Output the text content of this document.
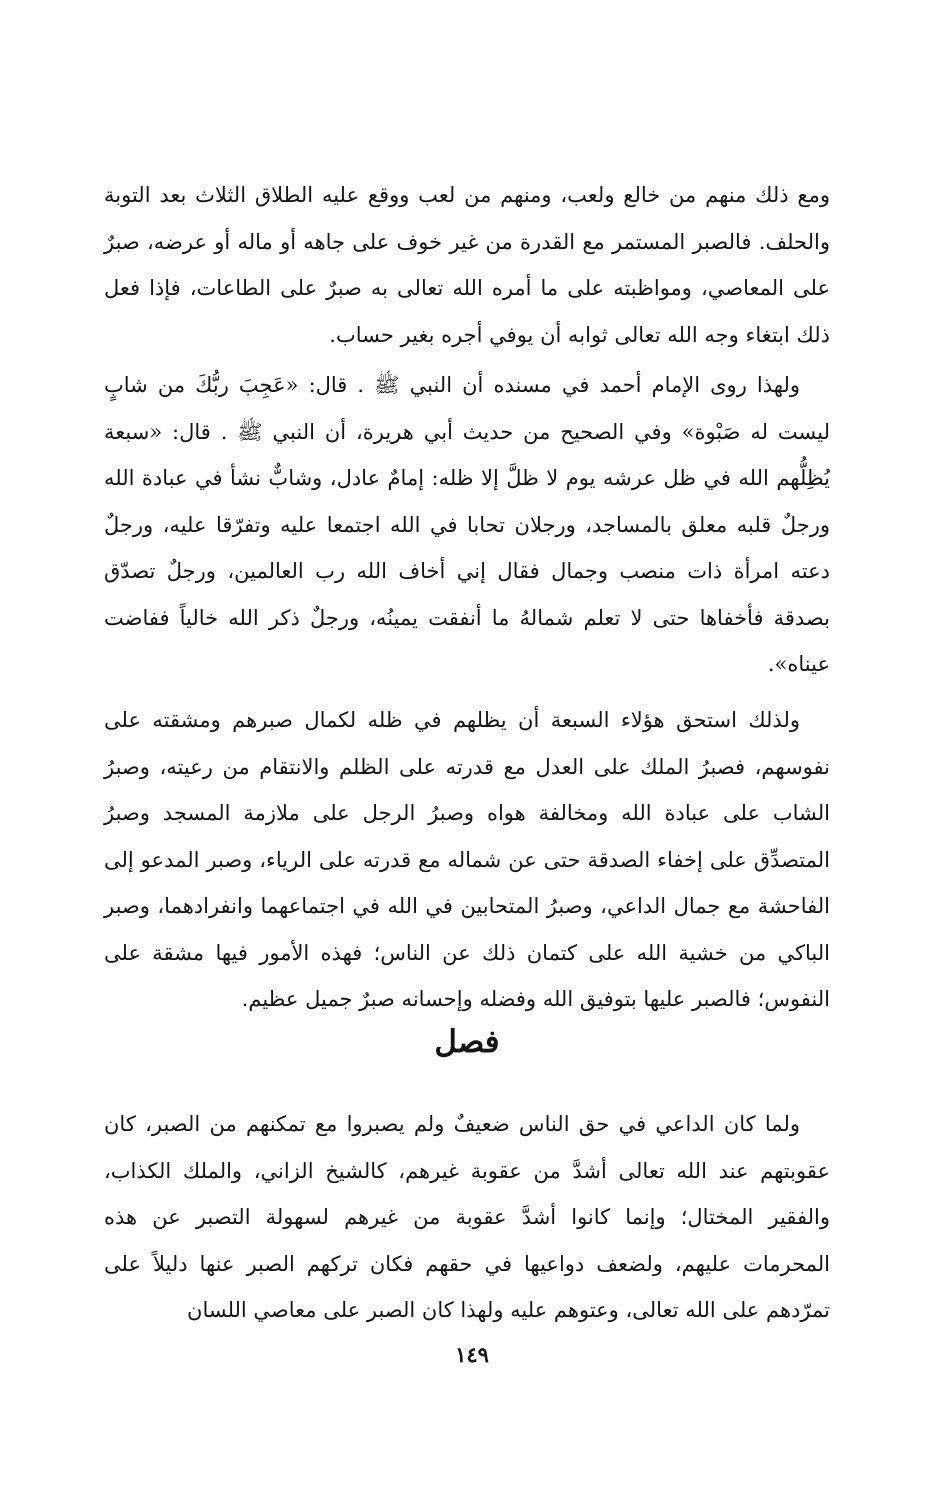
ومع ذلك منهم من خالع ولعب، ومنهم من لعب ووقع عليه الطلاق الثلاث بعد التوبة والحلف. فالصبر المستمر مع القدرة من غير خوف على جاهه أو ماله أو عرضه، صبرٌ على المعاصي، ومواظبته على ما أمره الله تعالى به صبرٌ على الطاعات، فإذا فعل ذلك ابتغاء وجه الله تعالى ثوابه أن يوفي أجره بغير حساب.

ولهذا روى الإمام أحمد في مسنده أن النبي ﷺ . قال: «عَجِبَ ربُّكَ من شابٍ ليست له صَبْوة» وفي الصحيح من حديث أبي هريرة، أن النبي ﷺ . قال: «سبعة يُظِلُّهم الله في ظل عرشه يوم لا ظلَّ إلا ظله: إمامٌ عادل، وشابٌّ نشأ في عبادة الله ورجلٌ قلبه معلق بالمساجد، ورجلان تحابا في الله اجتمعا عليه وتفرّقا عليه، ورجلٌ دعته امرأة ذات منصب وجمال فقال إني أخاف الله رب العالمين، ورجلٌ تصدّق بصدقة فأخفاها حتى لا تعلم شمالهُ ما أنفقت يمينُه، ورجلٌ ذكر الله خالياً ففاضت عيناه».

ولذلك استحق هؤلاء السبعة أن يظلهم في ظله لكمال صبرهم ومشقته على نفوسهم، فصبرُ الملك على العدل مع قدرته على الظلم والانتقام من رعيته، وصبرُ الشاب على عبادة الله ومخالفة هواه وصبرُ الرجل على ملازمة المسجد وصبرُ المتصدِّق على إخفاء الصدقة حتى عن شماله مع قدرته على الرياء، وصبر المدعو إلى الفاحشة مع جمال الداعي، وصبرُ المتحابين في الله في اجتماعهما وانفرادهما، وصبر الباكي من خشية الله على كتمان ذلك عن الناس؛ فهذه الأمور فيها مشقة على النفوس؛ فالصبر عليها بتوفيق الله وفضله وإحسانه صبرٌ جميل عظيم.

فصل

ولما كان الداعي في حق الناس ضعيفٌ ولم يصبروا مع تمكنهم من الصبر، كان عقوبتهم عند الله تعالى أشدَّ من عقوبة غيرهم، كالشيخ الزاني، والملك الكذاب، والفقير المختال؛ وإنما كانوا أشدَّ عقوبة من غيرهم لسهولة التصبر عن هذه المحرمات عليهم، ولضعف دواعيها في حقهم فكان تركهم الصبر عنها دليلاً على تمرّدهم على الله تعالى، وعتوهم عليه ولهذا كان الصبر على معاصي اللسان

١٤٩
